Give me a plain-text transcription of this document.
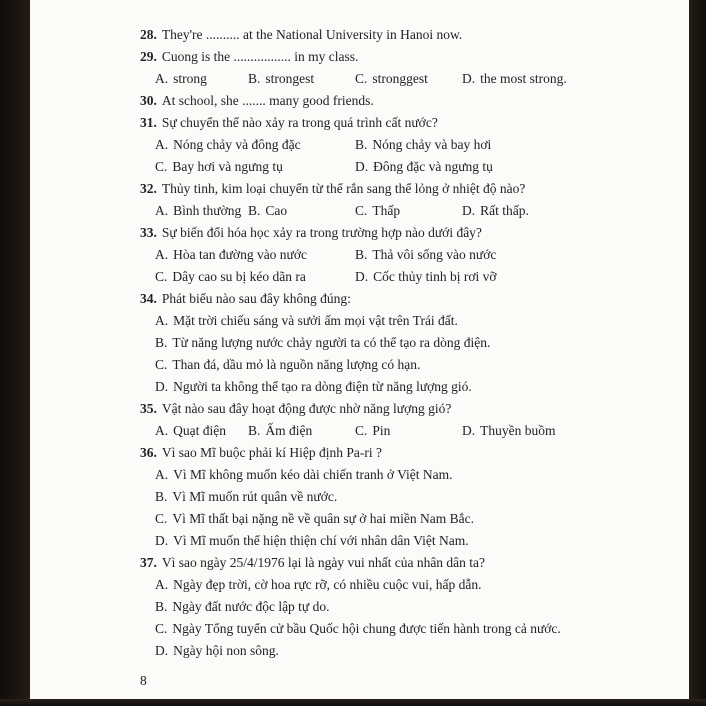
28. They're .......... at the National University in Hanoi now.
29. Cuong is the ................. in my class.
A. strong	B. strongest	C. stronggest	D. the most strong.
30. At school, she ....... many good friends.
31. Sự chuyển thể nào xảy ra trong quá trình cất nước?
A. Nóng chảy và đông đặc	B. Nóng chảy và bay hơi
C. Bay hơi và ngưng tụ	D. Đông đặc và ngưng tụ
32. Thủy tinh, kim loại chuyển từ thể rắn sang thể lỏng ở nhiệt độ nào?
A. Bình thường B. Cao	C. Thấp	D. Rất thấp.
33. Sự biến đổi hóa học xảy ra trong trường hợp nào dưới đây?
A. Hòa tan đường vào nước	B. Thả vôi sống vào nước
C. Dây cao su bị kéo dãn ra	D. Cốc thủy tinh bị rơi vỡ
34. Phát biểu nào sau đây không đúng:
A. Mặt trời chiếu sáng và sưởi ấm mọi vật trên Trái đất.
B. Từ năng lượng nước chảy người ta có thể tạo ra dòng điện.
C. Than đá, dầu mỏ là nguồn năng lượng có hạn.
D. Người ta không thể tạo ra dòng điện từ năng lượng gió.
35. Vật nào sau đây hoạt động được nhờ năng lượng gió?
A. Quạt điện	B. Ấm điện	C. Pin	D. Thuyền buồm
36. Vì sao Mĩ buộc phải kí Hiệp định Pa-ri ?
A. Vì Mĩ không muốn kéo dài chiến tranh ở Việt Nam.
B. Vì Mĩ muốn rút quân về nước.
C. Vì Mĩ thất bại nặng nề về quân sự ở hai miền Nam Bắc.
D. Vì Mĩ muốn thể hiện thiện chí với nhân dân Việt Nam.
37. Vì sao ngày 25/4/1976 lại là ngày vui nhất của nhân dân ta?
A. Ngày đẹp trời, cờ hoa rực rỡ, có nhiều cuộc vui, hấp dẫn.
B. Ngày đất nước độc lập tự do.
C. Ngày Tổng tuyển cử bầu Quốc hội chung được tiến hành trong cả nước.
D. Ngày hội non sông.
8
